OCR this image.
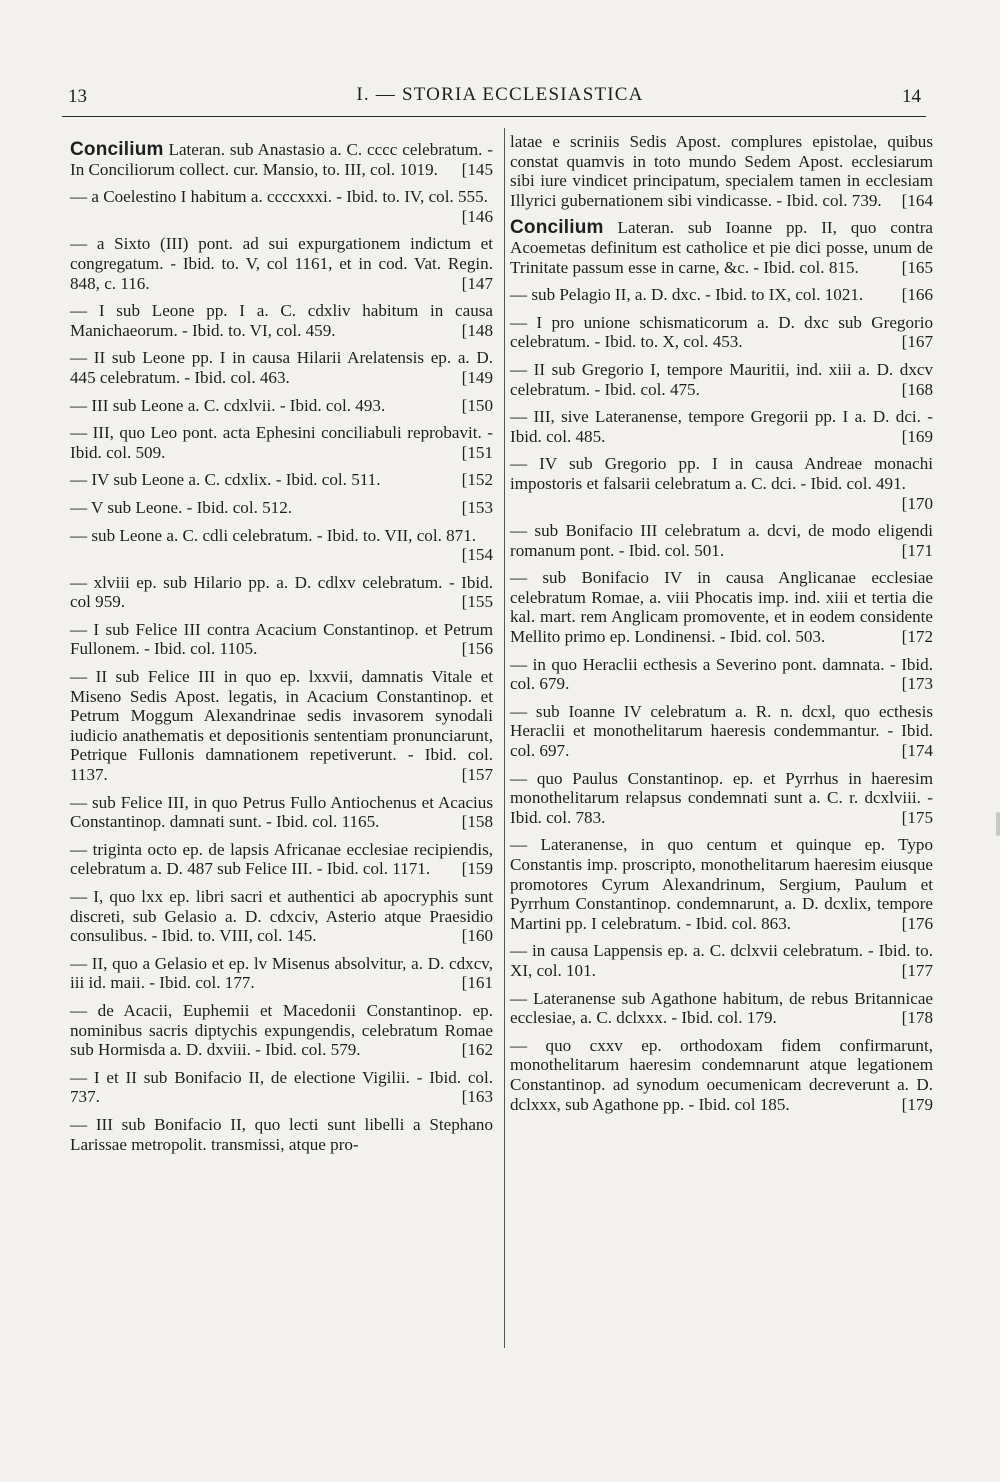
13	I. — STORIA ECCLESIASTICA	14
Concilium Lateran. sub Anastasio a. C. cccc celebratum. - In Conciliorum collect. cur. Mansio, to. III, col. 1019. [145
— a Coelestino I habitum a. ccccxxxi. - Ibid. to. IV, col. 555.
[146
— a Sixto (III) pont. ad sui expurgationem indictum et congregatum. - Ibid. to. V, col 1161, et in cod. Vat. Regin. 848, c. 116.	[147
— I sub Leone pp. I a. C. cdxliv habitum in causa Manichaeorum. - Ibid. to. VI, col. 459.	[148
— II sub Leone pp. I in causa Hilarii Arelatensis ep. a. D. 445 celebratum. - Ibid. col. 463.	[149
— III sub Leone a. C. cdxlvii. - Ibid. col. 493.	[150
— III, quo Leo pont. acta Ephesini conciliabuli reprobavit. - Ibid. col. 509.	[151
— IV sub Leone a. C. cdxlix. - Ibid. col. 511.	[152
— V sub Leone. - Ibid. col. 512.	[153
— sub Leone a. C. cdli celebratum. - Ibid. to. VII, col. 871.
[154
— xlviii ep. sub Hilario pp. a. D. cdlxv celebratum. - Ibid. col 959.	[155
— I sub Felice III contra Acacium Constantinop. et Petrum Fullonem. - Ibid. col. 1105.	[156
— II sub Felice III in quo ep. lxxvii, damnatis Vitale et Miseno Sedis Apost. legatis, in Acacium Constantinop. et Petrum Moggum Alexandrinae sedis invasorem synodali iudicio anathematis et depositionis sententiam pronunciarunt, Petrique Fullonis damnationem repetiverunt. - Ibid. col. 1137.	[157
— sub Felice III, in quo Petrus Fullo Antiochenus et Acacius Constantinop. damnati sunt. - Ibid. col. 1165.	[158
— triginta octo ep. de lapsis Africanae ecclesiae recipiendis, celebratum a. D. 487 sub Felice III. - Ibid. col. 1171. [159
— I, quo lxx ep. libri sacri et authentici ab apocryphis sunt discreti, sub Gelasio a. D. cdxciv, Asterio atque Praesidio consulibus. - Ibid. to. VIII, col. 145.	[160
— II, quo a Gelasio et ep. lv Misenus absolvitur, a. D. cdxcv, iii id. maii. - Ibid. col. 177.	[161
— de Acacii, Euphemii et Macedonii Constantinop. ep. nominibus sacris diptychis expungendis, celebratum Romae sub Hormisda a. D. dxviii. - Ibid. col. 579.	[162
— I et II sub Bonifacio II, de electione Vigilii. - Ibid. col. 737.	[163
— III sub Bonifacio II, quo lecti sunt libelli a Stephano Larissae metropolit. transmissi, atque pro-
latae e scriniis Sedis Apost. complures epistolae, quibus constat quamvis in toto mundo Sedem Apost. ecclesiarum sibi iure vindicet principatum, specialem tamen in ecclesiam Illyrici gubernationem sibi vindicasse. - Ibid. col. 739. [164
Concilium Lateran. sub Ioanne pp. II, quo contra Acoemetas definitum est catholice et pie dici posse, unum de Trinitate passum esse in carne, &c. - Ibid. col. 815.	[165
— sub Pelagio II, a. D. dxc. - Ibid. to IX, col. 1021. [166
— I pro unione schismaticorum a. D. dxc sub Gregorio celebratum. - Ibid. to. X, col. 453.	[167
— II sub Gregorio I, tempore Mauritii, ind. xiii a. D. dxcv celebratum. - Ibid. col. 475.	[168
— III, sive Lateranense, tempore Gregorii pp. I a. D. dci. - Ibid. col. 485.	[169
— IV sub Gregorio pp. I in causa Andreae monachi impostoris et falsarii celebratum a. C. dci. - Ibid. col. 491.
[170
— sub Bonifacio III celebratum a. dcvi, de modo eligendi romanum pont. - Ibid. col. 501.	[171
— sub Bonifacio IV in causa Anglicanae ecclesiae celebratum Romae, a. viii Phocatis imp. ind. xiii et tertia die kal. mart. rem Anglicam promovente, et in eodem considente Mellito primo ep. Londinensi. - Ibid. col. 503.	[172
— in quo Heraclii ecthesis a Severino pont. damnata. - Ibid. col. 679.	[173
— sub Ioanne IV celebratum a. R. n. dcxl, quo ecthesis Heraclii et monothelitarum haeresis condemmantur. - Ibid. col. 697.	[174
— quo Paulus Constantinop. ep. et Pyrrhus in haeresim monothelitarum relapsus condemnati sunt a. C. r. dcxlviii. - Ibid. col. 783.	[175
— Lateranense, in quo centum et quinque ep. Typo Constantis imp. proscripto, monothelitarum haeresim eiusque promotores Cyrum Alexandrinum, Sergium, Paulum et Pyrrhum Constantinop. condemnarunt, a. D. dcxlix, tempore Martini pp. I celebratum. - Ibid. col. 863.	[176
— in causa Lappensis ep. a. C. dclxvii celebratum. - Ibid. to. XI, col. 101.	[177
— Lateranense sub Agathone habitum, de rebus Britannicae ecclesiae, a. C. dclxxx. - Ibid. col. 179.	[178
— quo cxxv ep. orthodoxam fidem confirmarunt, monothelitarum haeresim condemnarunt atque legationem Constantinop. ad synodum oecumenicam decreverunt a. D. dclxxx, sub Agathone pp. - Ibid. col 185.	[179
